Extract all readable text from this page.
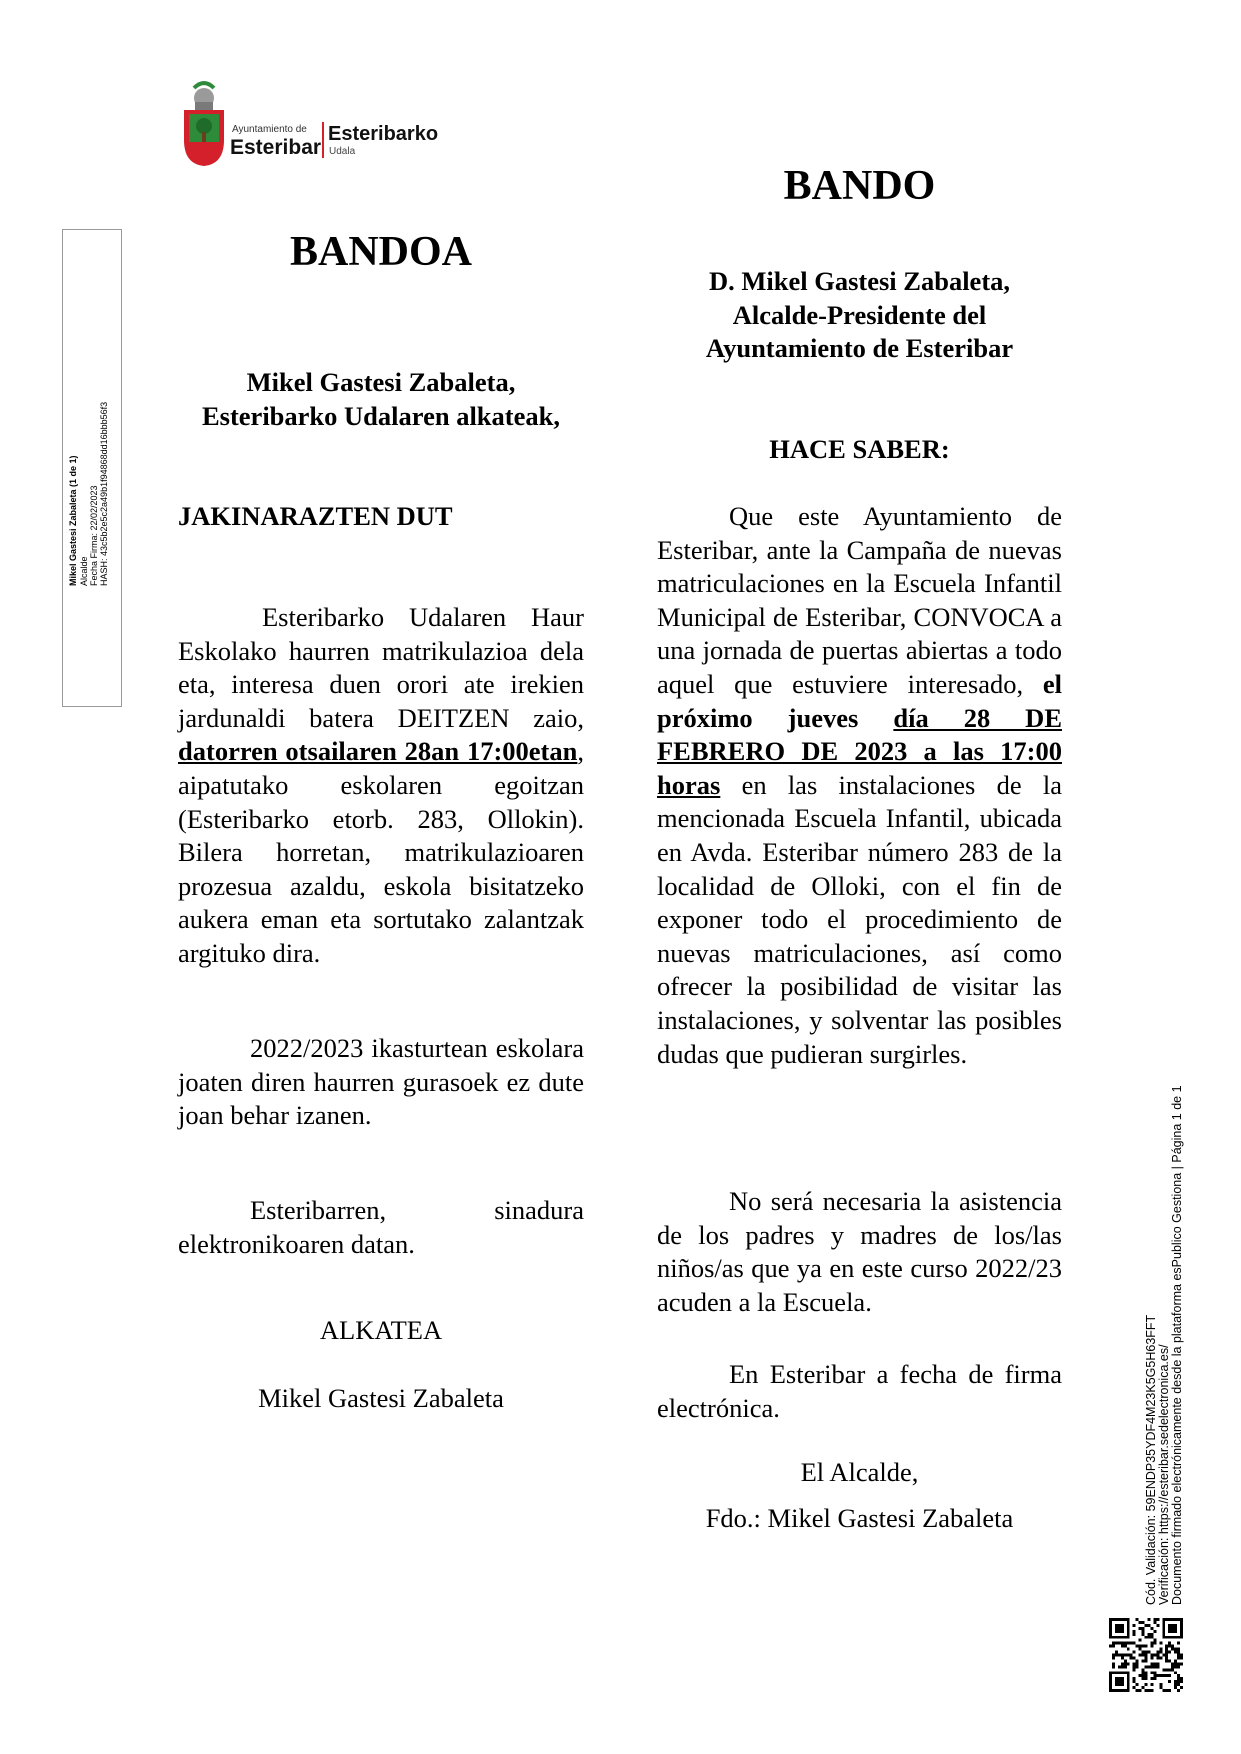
Ayuntamiento de
Esteribar
Esteribarko
Udala
Mikel Gastesi Zabaleta (1 de 1) Alcalde Fecha Firma: 22/02/2023 HASH: 43c5b2e5c2a49b1f94868dd16bbb56f3
BANDOA
Mikel Gastesi Zabaleta,
Esteribarko Udalaren alkateak,
JAKINARAZTEN DUT

Esteribarko Udalaren Haur Eskolako haurren matrikulazioa dela eta, interesa duen orori ate irekien jardunaldi batera DEITZEN zaio, datorren otsailaren 28an 17:00etan, aipatutako eskolaren egoitzan (Esteribarko etorb. 283, Ollokin). Bilera horretan, matrikulazioaren prozesua azaldu, eskola bisitatzeko aukera eman eta sortutako zalantzak argituko dira.

2022/2023 ikasturtean eskolara joaten diren haurren gurasoek ez dute joan behar izanen.

Esteribarren, sinadura elektronikoaren datan.

ALKATEA
Mikel Gastesi Zabaleta
BANDO
D. Mikel Gastesi Zabaleta,
Alcalde-Presidente del
Ayuntamiento de Esteribar
HACE SABER:

Que este Ayuntamiento de Esteribar, ante la Campaña de nuevas matriculaciones en la Escuela Infantil Municipal de Esteribar, CONVOCA a una jornada de puertas abiertas a todo aquel que estuviere interesado, el próximo jueves día 28 DE FEBRERO DE 2023 a las 17:00 horas en las instalaciones de la mencionada Escuela Infantil, ubicada en Avda. Esteribar número 283 de la localidad de Olloki, con el fin de exponer todo el procedimiento de nuevas matriculaciones, así como ofrecer la posibilidad de visitar las instalaciones, y solventar las posibles dudas que pudieran surgirles.

No será necesaria la asistencia de los padres y madres de los/las niños/as que ya en este curso 2022/23 acuden a la Escuela.

En Esteribar a fecha de firma electrónica.

El Alcalde,
Fdo.: Mikel Gastesi Zabaleta	Cód. Validación: 59ENDP35YDF4M23K5G5H63FFT Verificación: https://esteribar.sedelectronica.es/ Documento firmado electrónicamente desde la plataforma esPublico Gestiona | Página 1 de 1
